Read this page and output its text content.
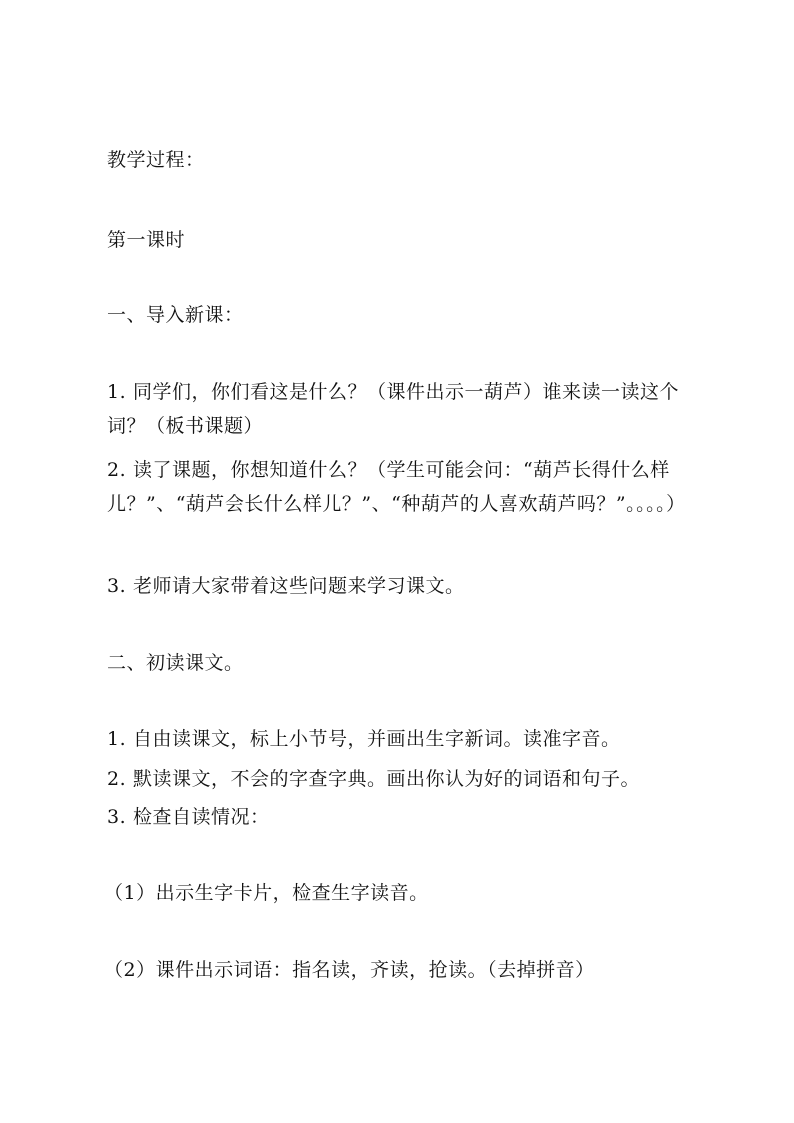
教学过程：
第一课时
一、导入新课：
1. 同学们，你们看这是什么？（课件出示一葫芦）谁来读一读这个词？（板书课题）
2. 读了课题，你想知道什么？（学生可能会问：“葫芦长得什么样儿？”、“葫芦会长什么样儿？”、“种葫芦的人喜欢葫芦吗？”。。。。）
3. 老师请大家带着这些问题来学习课文。
二、初读课文。
1. 自由读课文，标上小节号，并画出生字新词。读准字音。
2. 默读课文，不会的字查字典。画出你认为好的词语和句子。
3. 检查自读情况：
（1）出示生字卡片，检查生字读音。
（2）课件出示词语：指名读，齐读，抢读。（去掉拼音）
